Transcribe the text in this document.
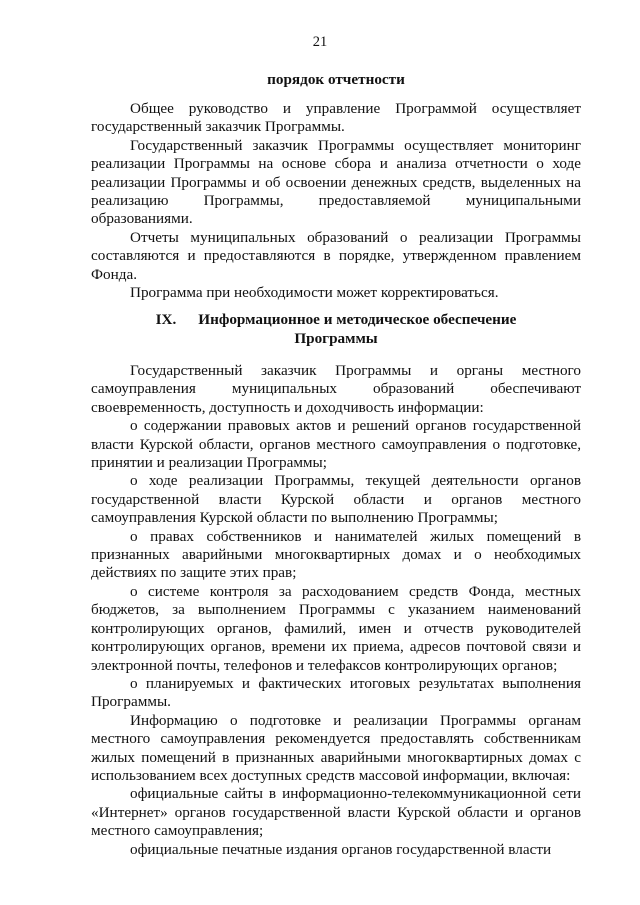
21
порядок отчетности

Общее руководство и управление Программой осуществляет государственный заказчик Программы.

Государственный заказчик Программы осуществляет мониторинг реализации Программы на основе сбора и анализа отчетности о ходе реализации Программы и об освоении денежных средств, выделенных на реализацию Программы, предоставляемой муниципальными образованиями.

Отчеты муниципальных образований о реализации Программы составляются и предоставляются в порядке, утвержденном правлением Фонда.

Программа при необходимости может корректироваться.

IX. Информационное и методическое обеспечение
Программы

Государственный заказчик Программы и органы местного самоуправления муниципальных образований обеспечивают своевременность, доступность и доходчивость информации:

о содержании правовых актов и решений органов государственной власти Курской области, органов местного самоуправления о подготовке, принятии и реализации Программы;

о ходе реализации Программы, текущей деятельности органов государственной власти Курской области и органов местного самоуправления Курской области по выполнению Программы;

о правах собственников и нанимателей жилых помещений в признанных аварийными многоквартирных домах и о необходимых действиях по защите этих прав;

о системе контроля за расходованием средств Фонда, местных бюджетов, за выполнением Программы с указанием наименований контролирующих органов, фамилий, имен и отчеств руководителей контролирующих органов, времени их приема, адресов почтовой связи и электронной почты, телефонов и телефаксов контролирующих органов;

о планируемых и фактических итоговых результатах выполнения Программы.

Информацию о подготовке и реализации Программы органам местного самоуправления рекомендуется предоставлять собственникам жилых помещений в признанных аварийными многоквартирных домах с использованием всех доступных средств массовой информации, включая:

официальные сайты в информационно-телекоммуникационной сети «Интернет» органов государственной власти Курской области и органов местного самоуправления;

официальные печатные издания органов государственной власти
